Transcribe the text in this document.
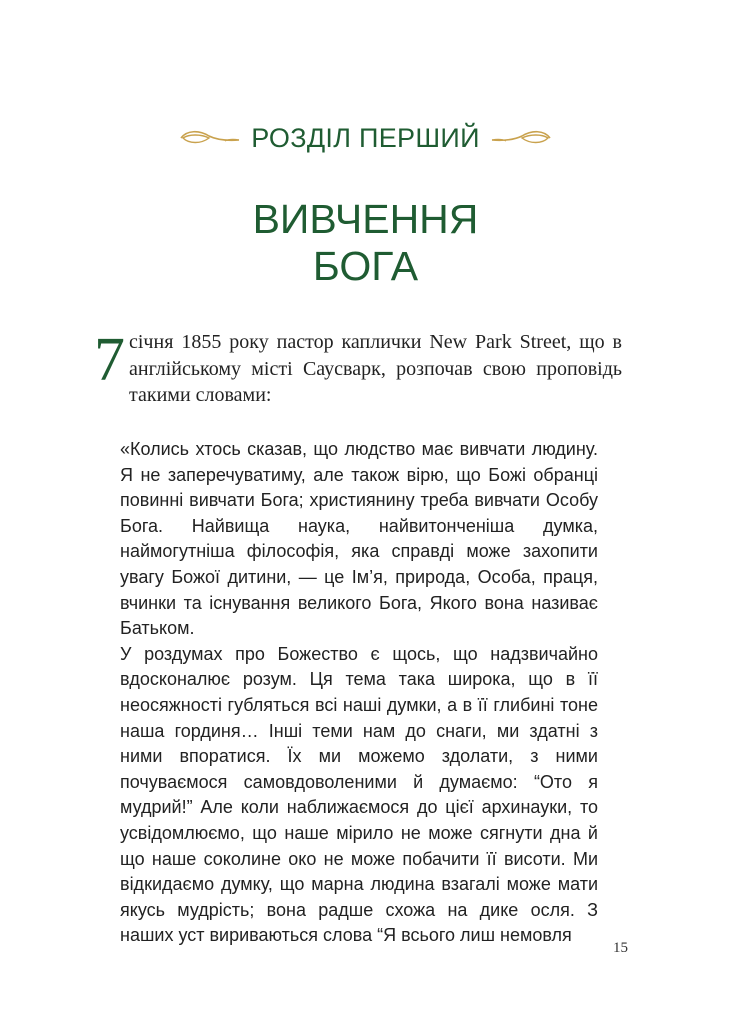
РОЗДІЛ ПЕРШИЙ
ВИВЧЕННЯ
БОГА
7 січня 1855 року пастор каплички New Park Street, що в англійському місті Саусварк, розпочав свою проповідь такими словами:

«Колись хтось сказав, що людство має вивчати людину. Я не заперечуватиму, але також вірю, що Божі обранці повинні вивчати Бога; християнину треба вивчати Особу Бога. Найвища наука, найвитонченіша думка, наймогутніша філософія, яка справді може захопити увагу Божої дитини, — це Ім’я, природа, Особа, праця, вчинки та існування великого Бога, Якого вона називає Батьком.

У роздумах про Божество є щось, що надзвичайно вдосконалює розум. Ця тема така широка, що в її неосяжності губляться всі наші думки, а в її глибині тоне наша гординя… Інші теми нам до снаги, ми здатні з ними впоратися. Їх ми можемо здолати, з ними почуваємося самовдоволеними й думаємо: “Ото я мудрий!” Але коли наближаємося до цієї архинауки, то усвідомлюємо, що наше мірило не може сягнути дна й що наше соколине око не може побачити її висоти. Ми відкидаємо думку, що марна людина взагалі може мати якусь мудрість; вона радше схожа на дике осля. З наших уст вириваються слова “Я всього лиш немовля

15
